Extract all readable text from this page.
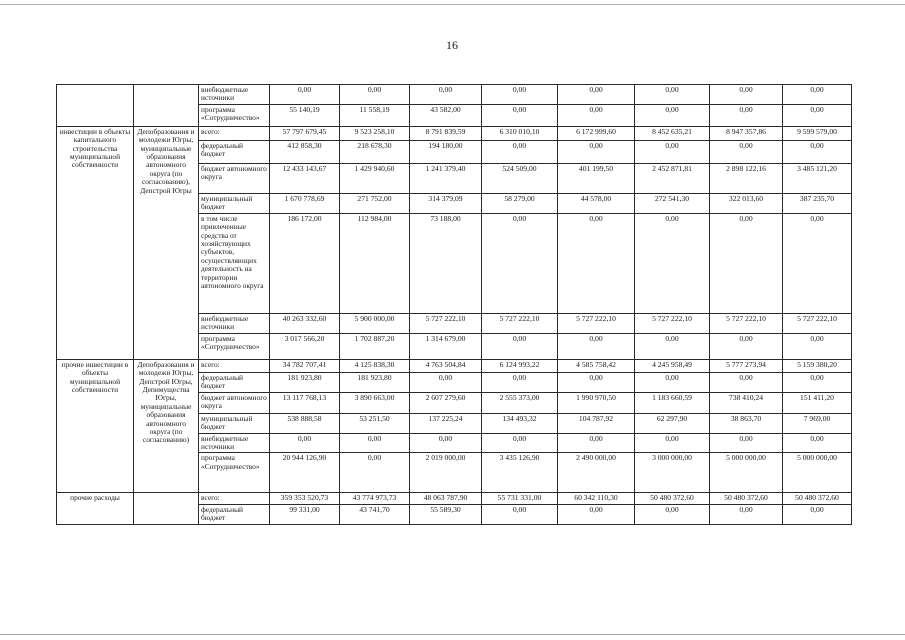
16
		внебюджетные источники	0,00	0,00	0,00	0,00	0,00	0,00	0,00	0,00
		программа «Сотрудничество»	55 140,19	11 558,19	43 582,00	0,00	0,00	0,00	0,00	0,00
инвестиции в объекты капитального строительства муниципальной собственности	Депобразования и молодежи Югры, муниципальные образования автономного округа (по согласованию), Депстрой Югры	всего:	57 797 679,45	9 523 258,10	8 791 839,59	6 310 010,10	6 172 999,60	8 452 635,21	8 947 357,86	9 599 579,00
		федеральный бюджет	412 858,30	218 678,30	194 180,00	0,00	0,00	0,00	0,00	0,00
		бюджет автономного округа	12 433 143,67	1 429 940,60	1 241 379,40	524 509,00	401 199,50	2 452 871,81	2 898 122,16	3 485 121,20
		муниципальный бюджет	1 670 778,69	271 752,00	314 379,09	58 279,00	44 578,00	272 541,30	322 013,60	387 235,70
		в том числе привлеченные средства от хозяйствующих субъектов, осуществляющих деятельность на территории автономного округа	186 172,00	112 984,00	73 188,00	0,00	0,00	0,00	0,00	0,00
		внебюджетные источники	40 263 332,60	5 900 000,00	5 727 222,10	5 727 222,10	5 727 222,10	5 727 222,10	5 727 222,10	5 727 222,10
		программа «Сотрудничество»	3 017 566,20	1 702 887,20	1 314 679,00	0,00	0,00	0,00	0,00	0,00
прочие инвестиции в объекты муниципальной собственности	Депобразования и молодежи Югры, Депстрой Югры, Депимущества Югры, муниципальные образования автономного округа (по согласованию)	всего:	34 782 707,41	4 125 838,30	4 763 504,84	6 124 993,22	4 585 758,42	4 245 958,49	5 777 273,94	5 159 380,20
		федеральный бюджет	181 923,80	181 923,80	0,00	0,00	0,00	0,00	0,00	0,00
		бюджет автономного округа	13 117 768,13	3 890 663,00	2 607 279,60	2 555 373,00	1 990 970,50	1 183 660,59	738 410,24	151 411,20
		муниципальный бюджет	538 888,58	53 251,50	137 225,24	134 493,32	104 787,92	62 297,90	38 863,70	7 969,00
		внебюджетные источники	0,00	0,00	0,00	0,00	0,00	0,00	0,00	0,00
		программа «Сотрудничество»	20 944 126,90	0,00	2 019 000,00	3 435 126,90	2 490 000,00	3 000 000,00	5 000 000,00	5 000 000,00
прочие расходы		всего:	359 353 520,73	43 774 973,73	48 063 787,90	55 731 331,00	60 342 110,30	50 480 372,60	50 480 372,60	50 480 372,60
		федеральный бюджет	99 331,00	43 741,70	55 589,30	0,00	0,00	0,00	0,00	0,00
